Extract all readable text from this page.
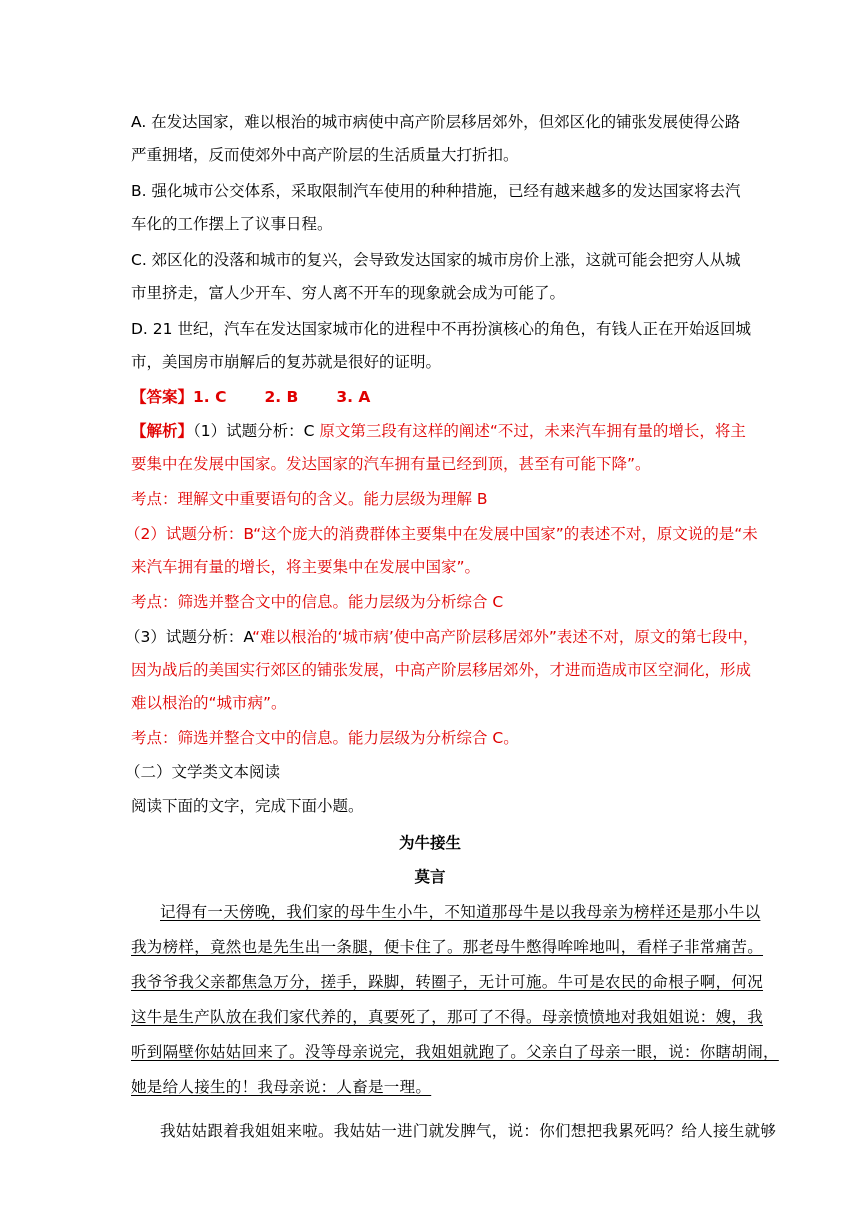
A. 在发达国家，难以根治的城市病使中高产阶层移居郊外，但郊区化的铺张发展使得公路
严重拥堵，反而使郊外中高产阶层的生活质量大打折扣。
B. 强化城市公交体系，采取限制汽车使用的种种措施，已经有越来越多的发达国家将去汽
车化的工作摆上了议事日程。
C. 郊区化的没落和城市的复兴，会导致发达国家的城市房价上涨，这就可能会把穷人从城
市里挤走，富人少开车、穷人离不开车的现象就会成为可能了。
D. 21 世纪，汽车在发达国家城市化的进程中不再扮演核心的角色，有钱人正在开始返回城
市，美国房市崩解后的复苏就是很好的证明。
【答案】1. C 2. B 3. A
【解析】（1）试题分析：C 原文第三段有这样的阐述“不过，未来汽车拥有量的增长，将主
要集中在发展中国家。发达国家的汽车拥有量已经到顶，甚至有可能下降”。
考点：理解文中重要语句的含义。能力层级为理解 B
（2）试题分析：B“这个庞大的消费群体主要集中在发展中国家”的表述不对，原文说的是“未
来汽车拥有量的增长，将主要集中在发展中国家”。
考点：筛选并整合文中的信息。能力层级为分析综合 C
（3）试题分析：A“难以根治的‘城市病’使中高产阶层移居郊外”表述不对，原文的第七段中，
因为战后的美国实行郊区的铺张发展，中高产阶层移居郊外，才进而造成市区空洞化，形成
难以根治的“城市病”。
考点：筛选并整合文中的信息。能力层级为分析综合 C。
（二）文学类文本阅读
阅读下面的文字，完成下面小题。
为牛接生
莫言
记得有一天傍晚，我们家的母牛生小牛，不知道那母牛是以我母亲为榜样还是那小牛以
我为榜样，竟然也是先生出一条腿，便卡住了。那老母牛憋得哞哞地叫，看样子非常痛苦。
我爷爷我父亲都焦急万分，搓手，跺脚，转圈子，无计可施。牛可是农民的命根子啊，何况
这牛是生产队放在我们家代养的，真要死了，那可了不得。母亲愤愤地对我姐姐说：嫂，我
听到隔壁你姑姑回来了。没等母亲说完，我姐姐就跑了。父亲白了母亲一眼，说：你瞎胡闹，
她是给人接生的！我母亲说：人畜是一理。
我姑姑跟着我姐姐来啦。我姑姑一进门就发脾气，说：你们想把我累死吗？给人接生就够
